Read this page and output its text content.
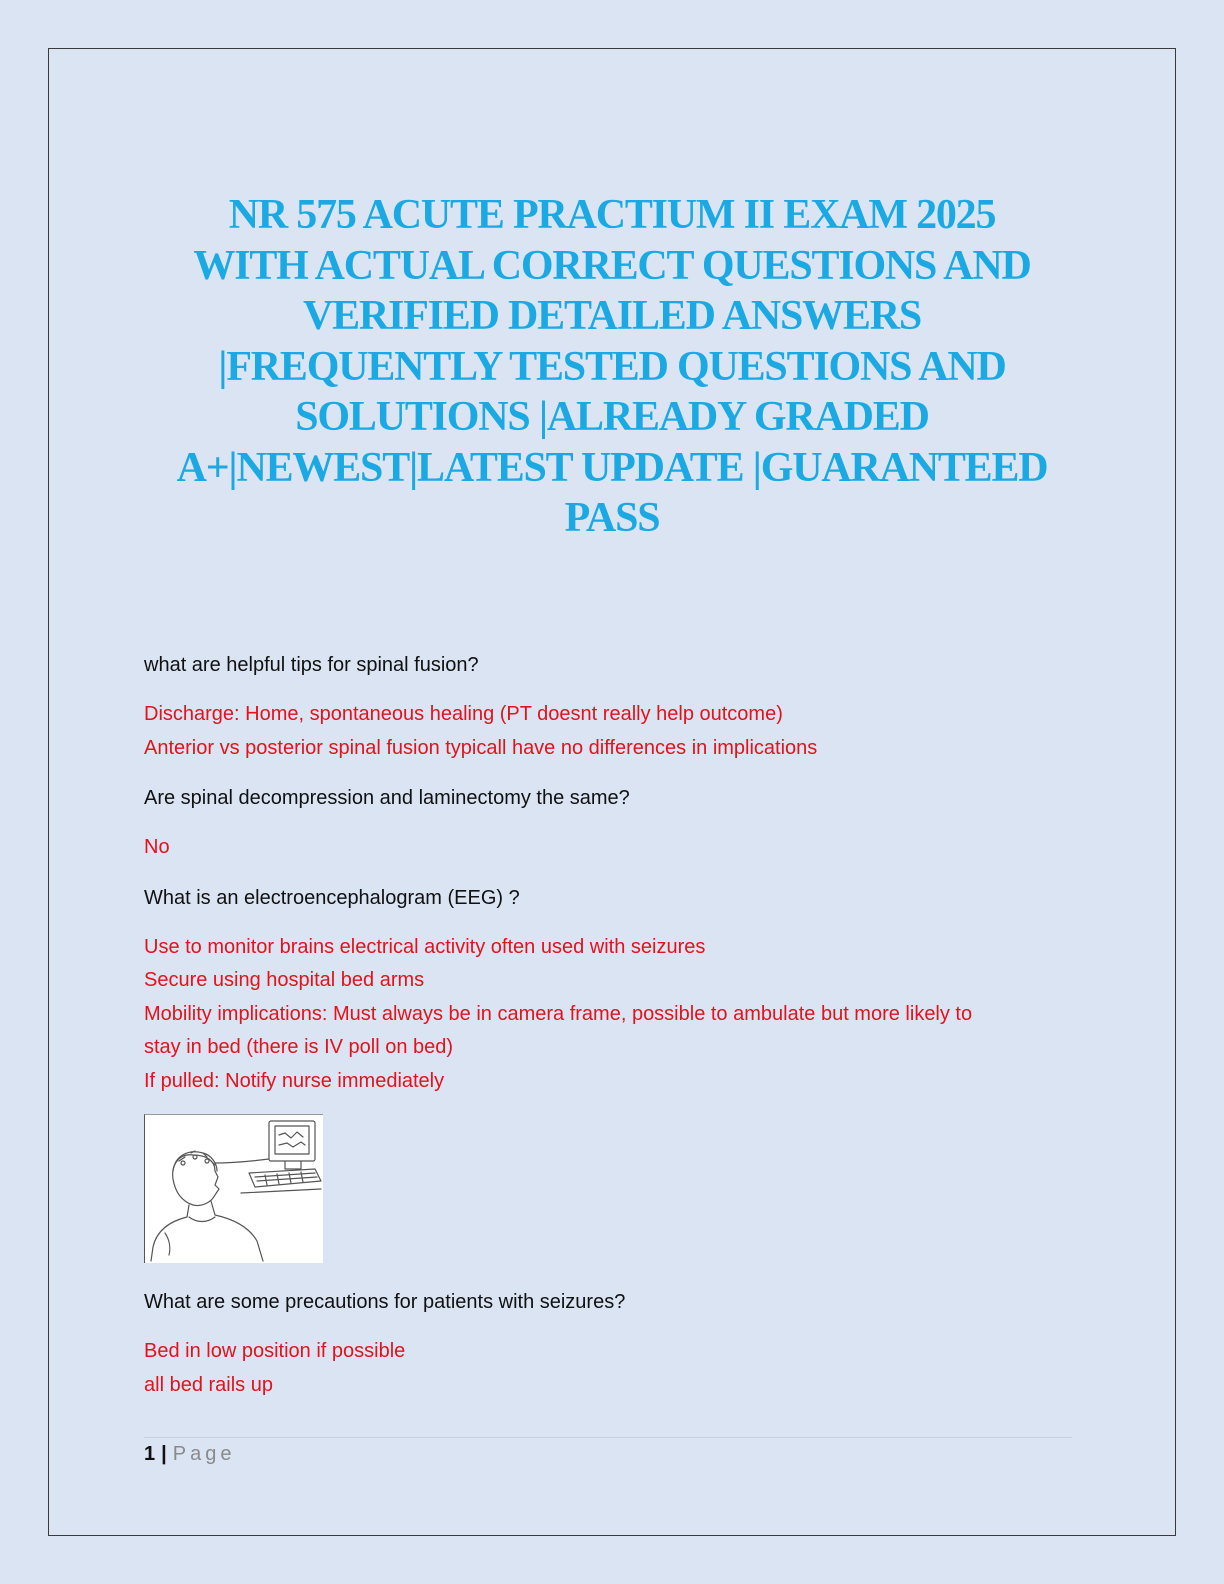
NR 575 ACUTE PRACTIUM II EXAM 2025
WITH ACTUAL CORRECT QUESTIONS AND
VERIFIED DETAILED ANSWERS
|FREQUENTLY TESTED QUESTIONS AND
SOLUTIONS |ALREADY GRADED
A+|NEWEST|LATEST UPDATE |GUARANTEED
PASS

what are helpful tips for spinal fusion?

Discharge: Home, spontaneous healing (PT doesnt really help outcome)
Anterior vs posterior spinal fusion typicall have no differences in implications

Are spinal decompression and laminectomy the same?

No

What is an electroencephalogram (EEG) ?

Use to monitor brains electrical activity often used with seizures
Secure using hospital bed arms
Mobility implications: Must always be in camera frame, possible to ambulate but more likely to
stay in bed (there is IV poll on bed)
If pulled: Notify nurse immediately

What are some precautions for patients with seizures?

Bed in low position if possible
all bed rails up
1 | Page
